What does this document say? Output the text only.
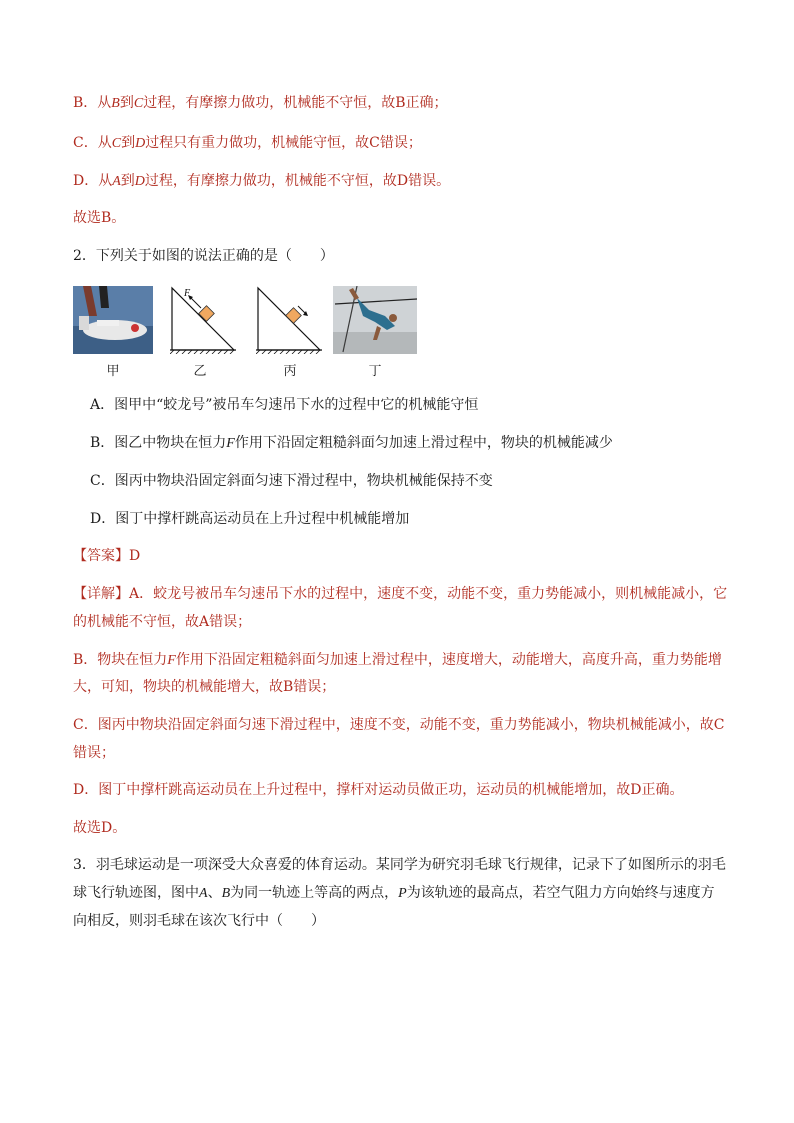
B．从B到C过程，有摩擦力做功，机械能不守恒，故B正确；
C．从C到D过程只有重力做功，机械能守恒，故C错误；
D．从A到D过程，有摩擦力做功，机械能不守恒，故D错误。
故选B。
2．下列关于如图的说法正确的是（　　）
F
甲	乙	丙	丁
A．图甲中“蛟龙号”被吊车匀速吊下水的过程中它的机械能守恒
B．图乙中物块在恒力F作用下沿固定粗糙斜面匀加速上滑过程中，物块的机械能减少
C．图丙中物块沿固定斜面匀速下滑过程中，物块机械能保持不变
D．图丁中撑杆跳高运动员在上升过程中机械能增加
【答案】D
【详解】A．蛟龙号被吊车匀速吊下水的过程中，速度不变，动能不变，重力势能减小，则机械能减小，它
的机械能不守恒，故A错误；
B．物块在恒力F作用下沿固定粗糙斜面匀加速上滑过程中，速度增大，动能增大，高度升高，重力势能增
大，可知，物块的机械能增大，故B错误；
C．图丙中物块沿固定斜面匀速下滑过程中，速度不变，动能不变，重力势能减小，物块机械能减小，故C
错误；
D．图丁中撑杆跳高运动员在上升过程中，撑杆对运动员做正功，运动员的机械能增加，故D正确。
故选D。
3．羽毛球运动是一项深受大众喜爱的体育运动。某同学为研究羽毛球飞行规律，记录下了如图所示的羽毛
球飞行轨迹图，图中A、B为同一轨迹上等高的两点，P为该轨迹的最高点，若空气阻力方向始终与速度方
向相反，则羽毛球在该次飞行中（　　）
